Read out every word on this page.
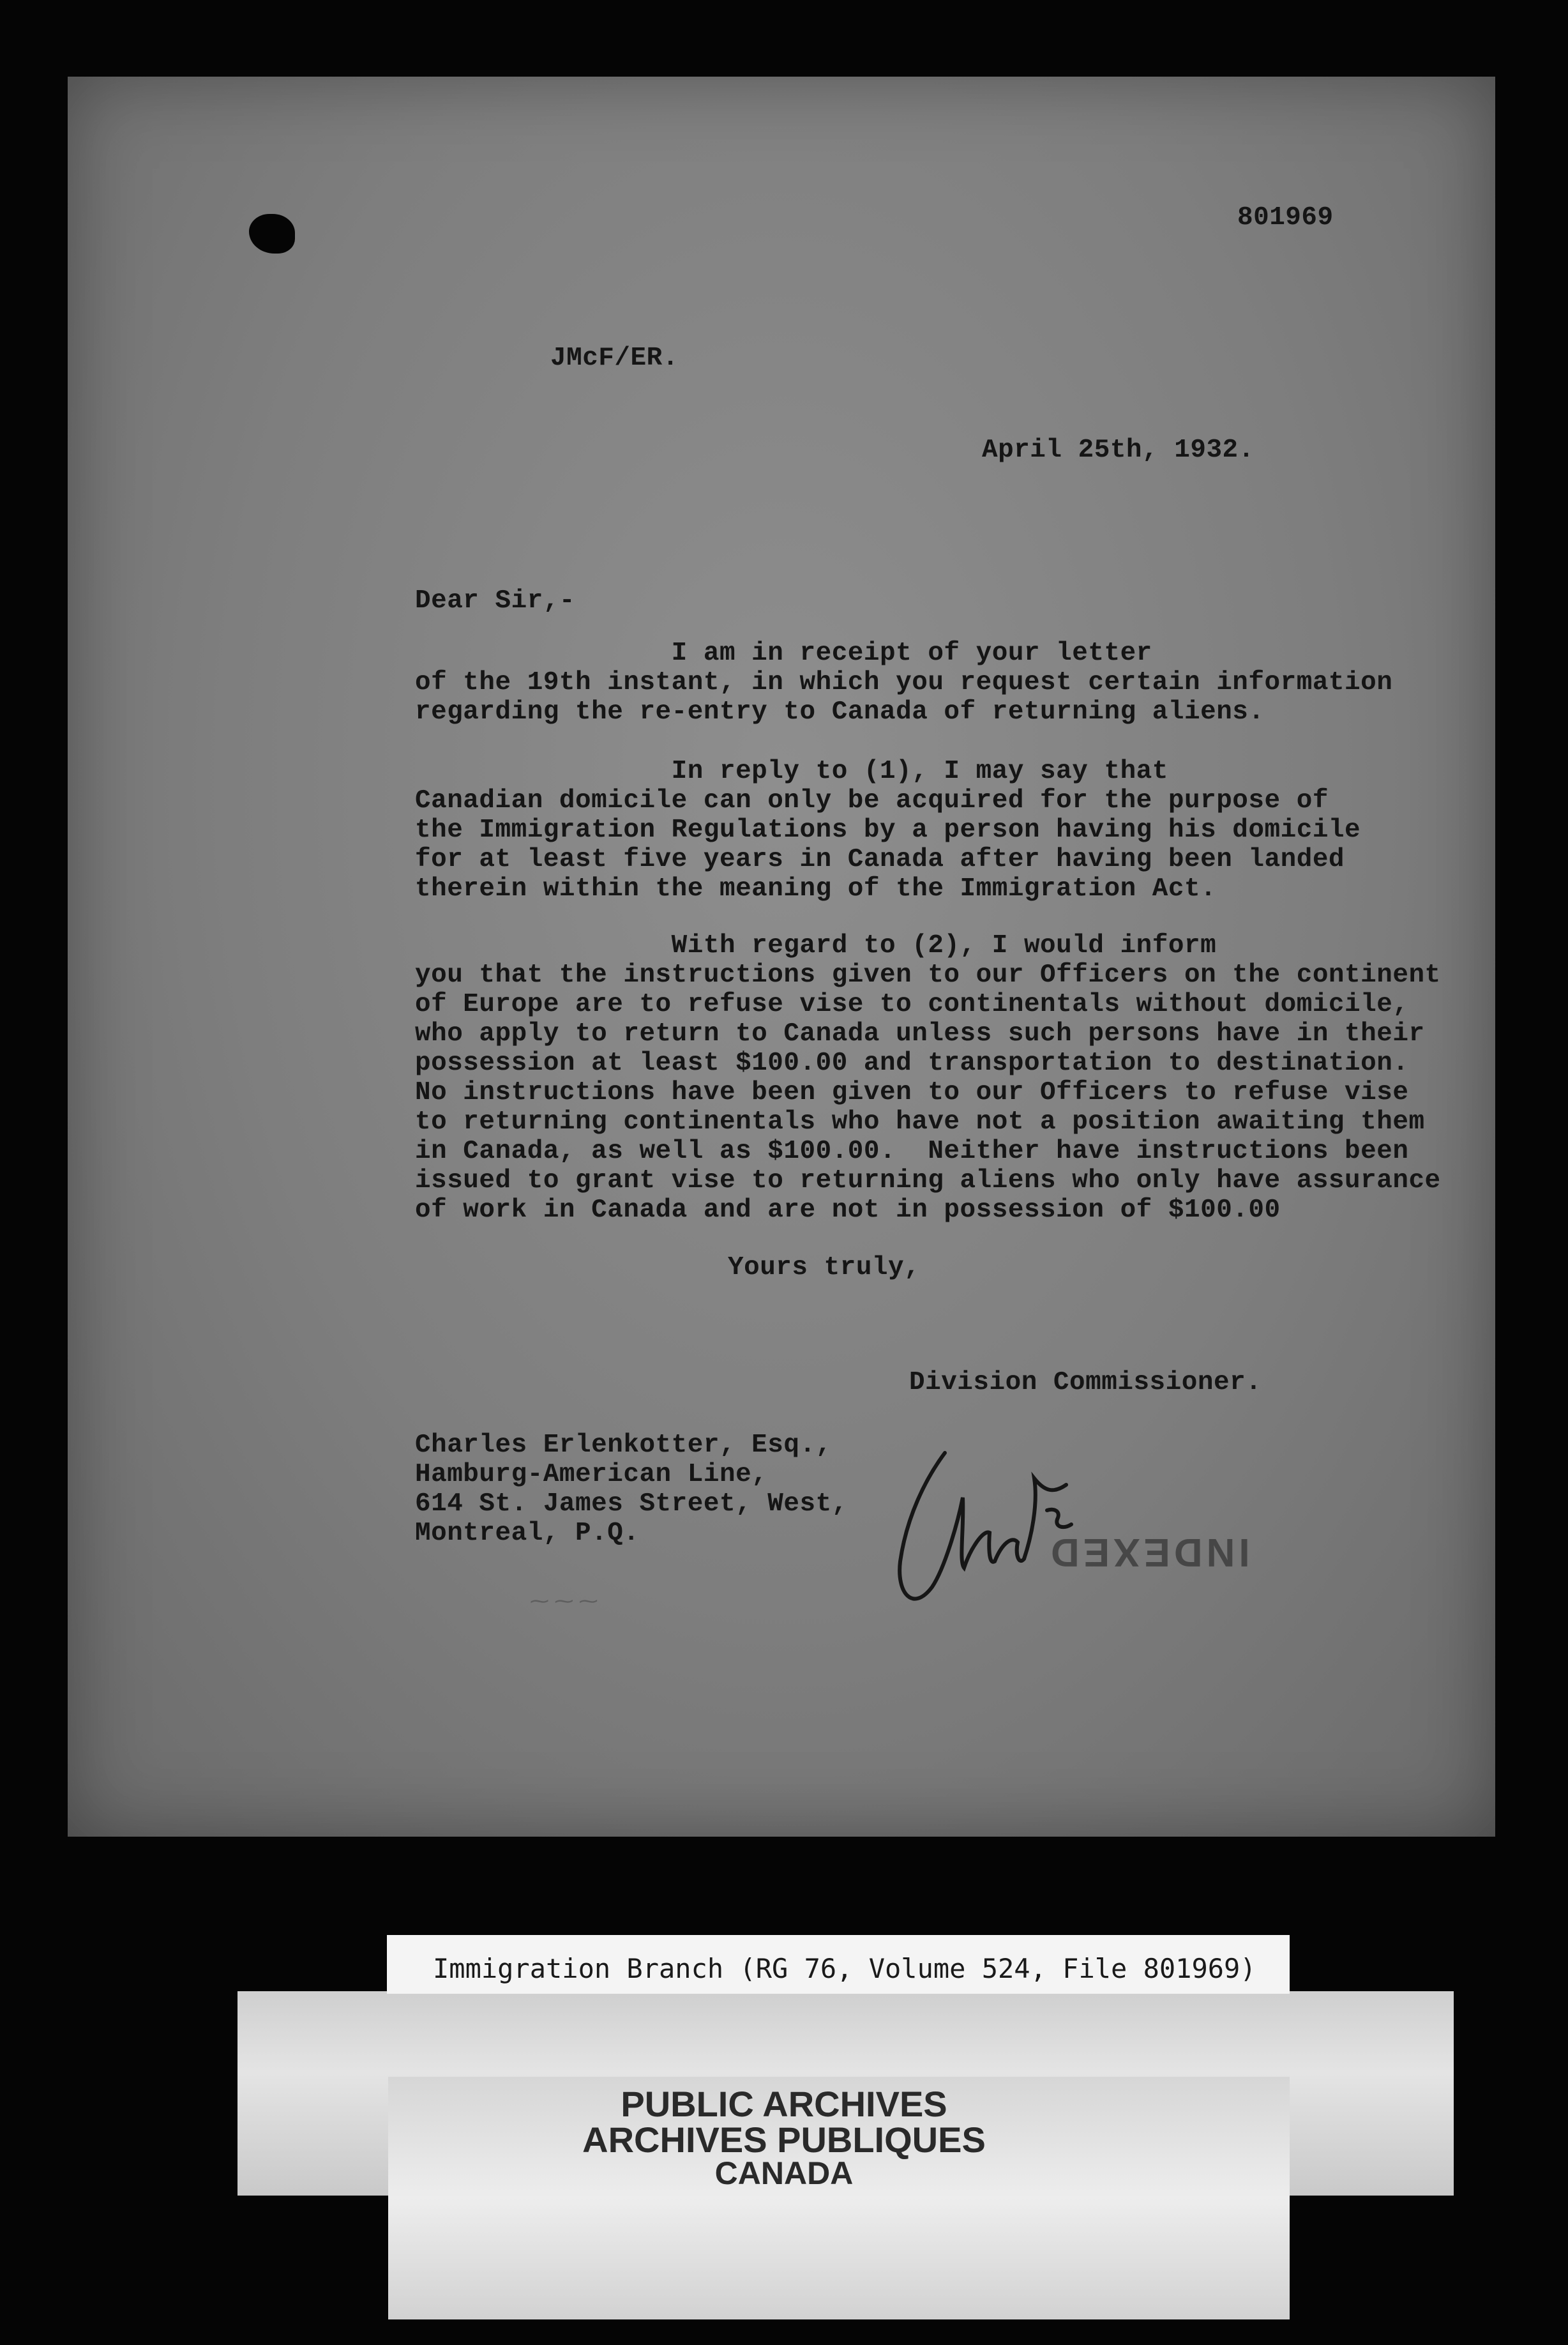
801969

JMcF/ER.

April 25th, 1932.

Dear Sir,-

I am in receipt of your letter

of the 19th instant, in which you request certain information

regarding the re-entry to Canada of returning aliens.

In reply to (1), I may say that

Canadian domicile can only be acquired for the purpose of

the Immigration Regulations by a person having his domicile

for at least five years in Canada after having been landed

therein within the meaning of the Immigration Act.

With regard to (2), I would inform

you that the instructions given to our Officers on the continent

of Europe are to refuse vise to continentals without domicile,

who apply to return to Canada unless such persons have in their

possession at least $100.00 and transportation to destination.

No instructions have been given to our Officers to refuse vise

to returning continentals who have not a position awaiting them

in Canada, as well as $100.00.  Neither have instructions been

issued to grant vise to returning aliens who only have assurance

of work in Canada and are not in possession of $100.00

Yours truly,

Division Commissioner.

Charles Erlenkotter, Esq.,

Hamburg-American Line,

614 St. James Street, West,

Montreal, P.Q.	INDEXED
⁓ ⁓ ⁓
Immigration Branch (RG 76, Volume 524, File 801969)

PUBLIC ARCHIVES

ARCHIVES PUBLIQUES

CANADA
